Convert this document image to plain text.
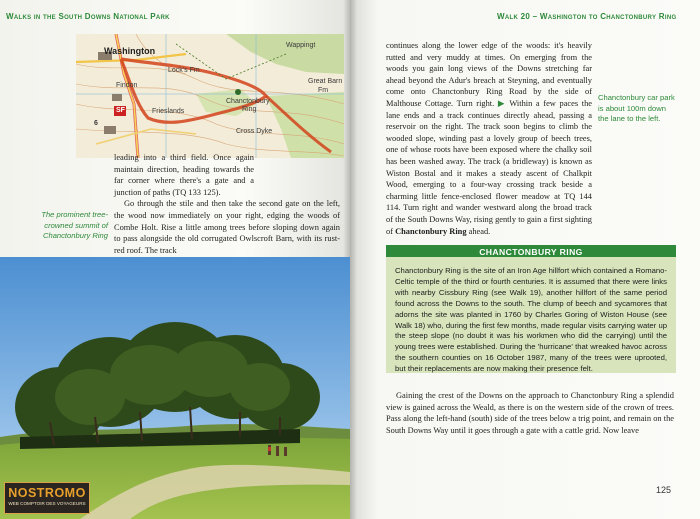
Walks in the South Downs National Park
Washington
Wappingt
Lock's Fm
Great Barn
Fm
Chanctonbury
Ring
Findon
Frieslands
Cross Dyke
SF
6

leading into a third field. Once again maintain direction, heading towards the far corner where there's a gate and a junction of paths (TQ 133 125).

Go through the stile and then take the second gate on the left, the wood now immediately on your right, edging the woods of Combe Holt. Rise a little among trees before sloping down again to pass alongside the old corrugated Owlscroft Barn, with its rust-red roof. The track

The prominent tree-crowned summit of Chanctonbury Ring
NOSTROMO
WEB COMPTOIR DES VOYAGEURS
Walk 20 – Washington to Chanctonbury Ring
continues along the lower edge of the woods: it's heavily rutted and very muddy at times. On emerging from the woods you gain long views of the Downs stretching far ahead beyond the Adur's breach at Steyning, and eventually come onto Chanctonbury Ring Road by the side of Malthouse Cottage. Turn right. ▶ Within a few paces the lane ends and a track continues directly ahead, passing a reservoir on the right. The track soon begins to climb the wooded slope, winding past a lovely group of beech trees, one of whose roots have been exposed where the chalky soil has been washed away. The track (a bridleway) is known as Wiston Bostal and it makes a steady ascent of Chalkpit Wood, emerging to a four-way crossing track beside a charming little fence-enclosed flower meadow at TQ 144 114. Turn right and wander westward along the broad track of the South Downs Way, rising gently to gain a first sighting of Chanctonbury Ring ahead.
Chanctonbury car park is about 100m down the lane to the left.
CHANCTONBURY RING
Chanctonbury Ring is the site of an Iron Age hillfort which contained a Romano-Celtic temple of the third or fourth centuries. It is assumed that there were links with nearby Cissbury Ring (see Walk 19), another hillfort of the same period found across the Downs to the south. The clump of beech and sycamores that adorns the site was planted in 1760 by Charles Goring of Wiston House (see Walk 18) who, during the first few months, made regular visits carrying water up the steep slope (no doubt it was his workmen who did the carrying) until the young trees were established. During the 'hurricane' that wreaked havoc across the southern counties on 16 October 1987, many of the trees were uprooted, but their replacements are now making their presence felt.
Gaining the crest of the Downs on the approach to Chanctonbury Ring a splendid view is gained across the Weald, as there is on the western side of the crown of trees. Pass along the left-hand (south) side of the trees below a trig point, and remain on the South Downs Way until it goes through a gate with a cattle grid. Now leave
125
